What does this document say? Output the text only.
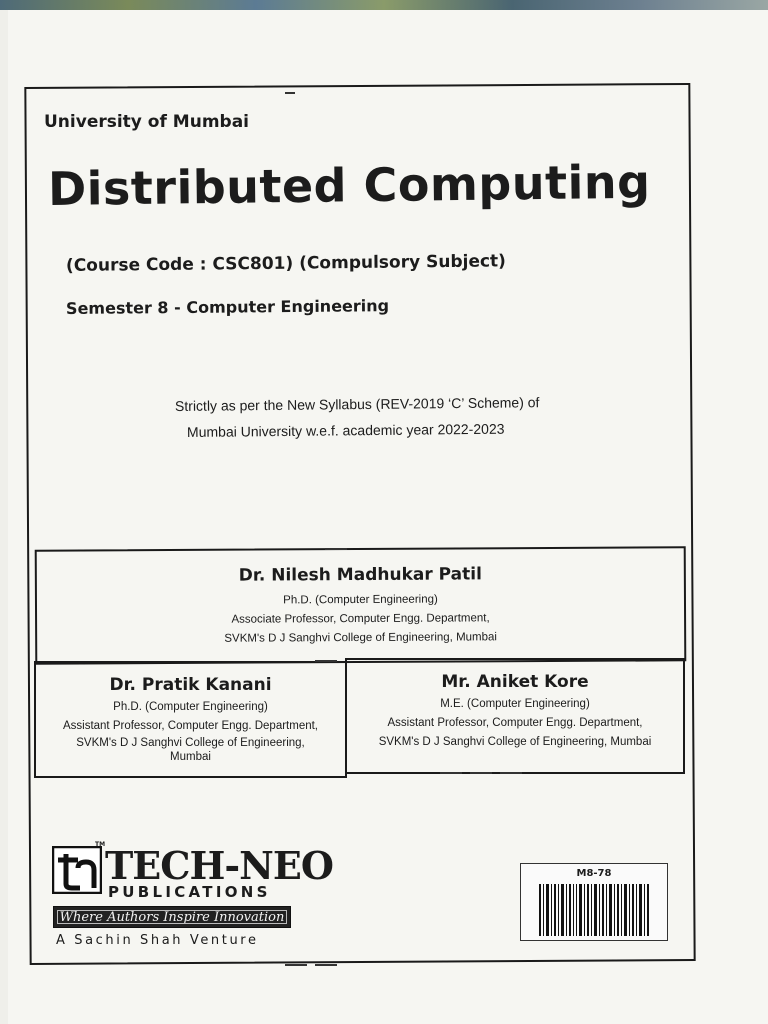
University of Mumbai
Distributed Computing
(Course Code : CSC801) (Compulsory Subject)
Semester 8 - Computer Engineering
Strictly as per the New Syllabus (REV-2019 ‘C’ Scheme) of
Mumbai University w.e.f. academic year 2022-2023
Dr. Nilesh Madhukar Patil
Ph.D. (Computer Engineering)
Associate Professor, Computer Engg. Department,
SVKM's D J Sanghvi College of Engineering, Mumbai
Dr. Pratik Kanani
Ph.D. (Computer Engineering)
Assistant Professor, Computer Engg. Department,
SVKM's D J Sanghvi College of Engineering,
Mumbai
Mr. Aniket Kore
M.E. (Computer Engineering)
Assistant Professor, Computer Engg. Department,
SVKM's D J Sanghvi College of Engineering, Mumbai
TM TECH-NEO
PUBLICATIONS
Where Authors Inspire Innovation
A Sachin Shah Venture
M8-78
